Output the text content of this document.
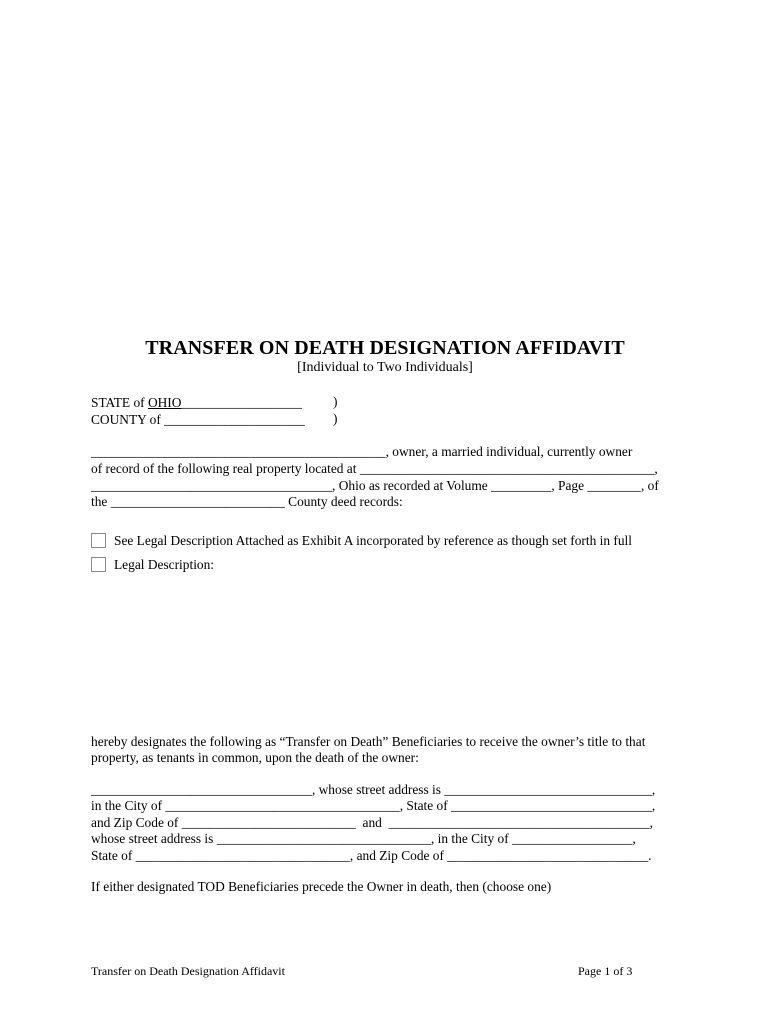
TRANSFER ON DEATH DESIGNATION AFFIDAVIT
[Individual to Two Individuals]
STATE of OHIO__________________ )
COUNTY of _____________________ )
____________________________________________, owner, a married individual, currently owner
of record of the following real property located at ____________________________________________,
____________________________________, Ohio as recorded at Volume _________, Page ________, of
the __________________________ County deed records:
See Legal Description Attached as Exhibit A incorporated by reference as though set forth in full
Legal Description:
hereby designates the following as “Transfer on Death” Beneficiaries to receive the owner’s title to that
property, as tenants in common, upon the death of the owner:
_________________________________, whose street address is _______________________________,
in the City of ___________________________________, State of ______________________________,
and Zip Code of __________________________  and  _______________________________________,
whose street address is ________________________________, in the City of __________________,
State of ________________________________, and Zip Code of ______________________________.
If either designated TOD Beneficiaries precede the Owner in death, then (choose one)
Transfer on Death Designation Affidavit	Page 1 of 3
